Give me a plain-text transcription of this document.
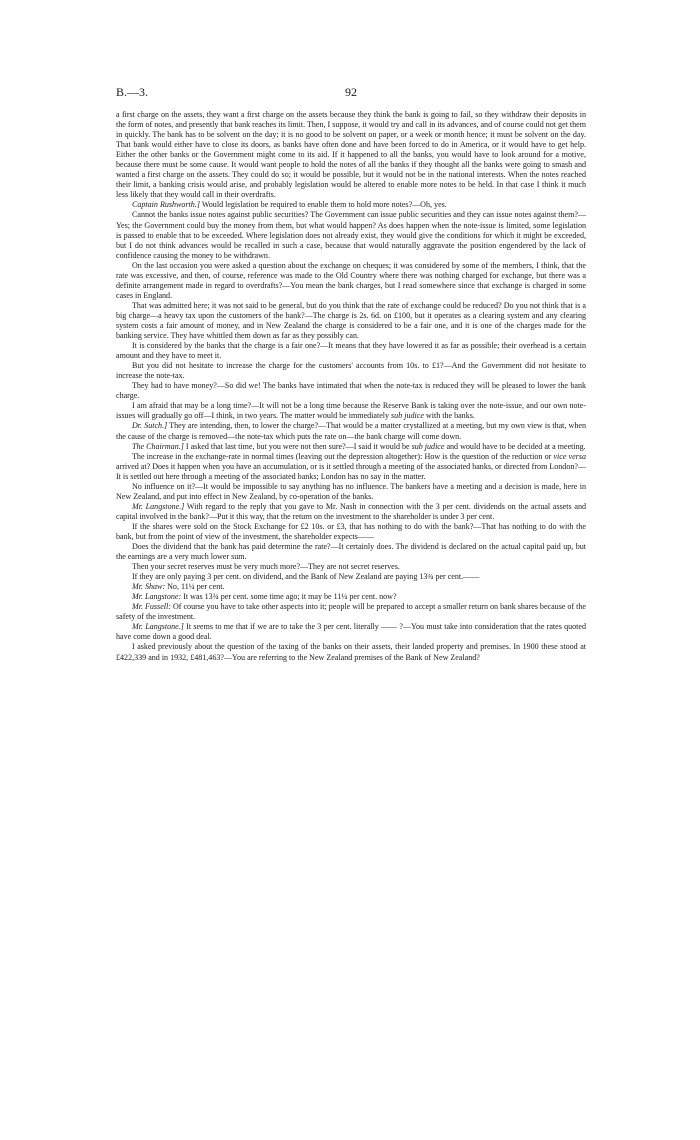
B.—3.	92

a first charge on the assets, they want a first charge on the assets because they think the bank is going to fail, so they withdraw their deposits in the form of notes, and presently that bank reaches its limit. Then, I suppose, it would try and call in its advances, and of course could not get them in quickly. The bank has to be solvent on the day; it is no good to be solvent on paper, or a week or month hence; it must be solvent on the day. That bank would either have to close its doors, as banks have often done and have been forced to do in America, or it would have to get help. Either the other banks or the Government might come to its aid. If it happened to all the banks, you would have to look around for a motive, because there must be some cause. It would want people to hold the notes of all the banks if they thought all the banks were going to smash and wanted a first charge on the assets. They could do so; it would be possible, but it would not be in the national interests. When the notes reached their limit, a banking crisis would arise, and probably legislation would be altered to enable more notes to be held. In that case I think it much less likely that they would call in their overdrafts.

Captain Rushworth.] Would legislation be required to enable them to hold more notes?—Oh, yes.

Cannot the banks issue notes against public securities? The Government can issue public securities and they can issue notes against them?—Yes; the Government could buy the money from them, but what would happen? As does happen when the note-issue is limited, some legislation is passed to enable that to be exceeded. Where legislation does not already exist, they would give the conditions for which it might be exceeded, but I do not think advances would be recalled in such a case, because that would naturally aggravate the position engendered by the lack of confidence causing the money to be withdrawn.

On the last occasion you were asked a question about the exchange on cheques; it was considered by some of the members, I think, that the rate was excessive, and then, of course, reference was made to the Old Country where there was nothing charged for exchange, but there was a definite arrangement made in regard to overdrafts?—You mean the bank charges, but I read somewhere since that exchange is charged in some cases in England.

That was admitted here; it was not said to be general, but do you think that the rate of exchange could be reduced? Do you not think that is a big charge—a heavy tax upon the customers of the bank?—The charge is 2s. 6d. on £100, but it operates as a clearing system and any clearing system costs a fair amount of money, and in New Zealand the charge is considered to be a fair one, and it is one of the charges made for the banking service. They have whittled them down as far as they possibly can.

It is considered by the banks that the charge is a fair one?—It means that they have lowered it as far as possible; their overhead is a certain amount and they have to meet it.

But you did not hesitate to increase the charge for the customers' accounts from 10s. to £1?—And the Government did not hesitate to increase the note-tax.

They had to have money?—So did we! The banks have intimated that when the note-tax is reduced they will be pleased to lower the bank charge.

I am afraid that may be a long time?—It will not be a long time because the Reserve Bank is taking over the note-issue, and our own note-issues will gradually go off—I think, in two years. The matter would be immediately sub judice with the banks.

Dr. Sutch.] They are intending, then, to lower the charge?—That would be a matter crystallized at a meeting, but my own view is that, when the cause of the charge is removed—the note-tax which puts the rate on—the bank charge will come down.

The Chairman.] I asked that last time, but you were not then sure?—I said it would be sub judice and would have to be decided at a meeting.

The increase in the exchange-rate in normal times (leaving out the depression altogether): How is the question of the reduction or vice versa arrived at? Does it happen when you have an accumulation, or is it settled through a meeting of the associated banks, or directed from London?—It is settled out here through a meeting of the associated banks; London has no say in the matter.

No influence on it?—It would be impossible to say anything has no influence. The bankers have a meeting and a decision is made, here in New Zealand, and put into effect in New Zealand, by co-operation of the banks.

Mr. Langstone.] With regard to the reply that you gave to Mr. Nash in connection with the 3 per cent. dividends on the actual assets and capital involved in the bank?—Put it this way, that the return on the investment to the shareholder is under 3 per cent.

If the shares were sold on the Stock Exchange for £2 10s. or £3, that has nothing to do with the bank?—That has nothing to do with the bank, but from the point of view of the investment, the shareholder expects——

Does the dividend that the bank has paid determine the rate?—It certainly does. The dividend is declared on the actual capital paid up, but the earnings are a very much lower sum.

Then your secret reserves must be very much more?—They are not secret reserves.

If they are only paying 3 per cent. on dividend, and the Bank of New Zealand are paying 13¾ per cent.——

Mr. Shaw: No, 11¼ per cent.

Mr. Langstone: It was 13¾ per cent. some time ago; it may be 11¼ per cent. now?

Mr. Fussell: Of course you have to take other aspects into it; people will be prepared to accept a smaller return on bank shares because of the safety of the investment.

Mr. Langstone.] It seems to me that if we are to take the 3 per cent. literally —— ?—You must take into consideration that the rates quoted have come down a good deal.

I asked previously about the question of the taxing of the banks on their assets, their landed property and premises. In 1900 these stood at £422,339 and in 1932, £481,463?—You are referring to the New Zealand premises of the Bank of New Zealand?
